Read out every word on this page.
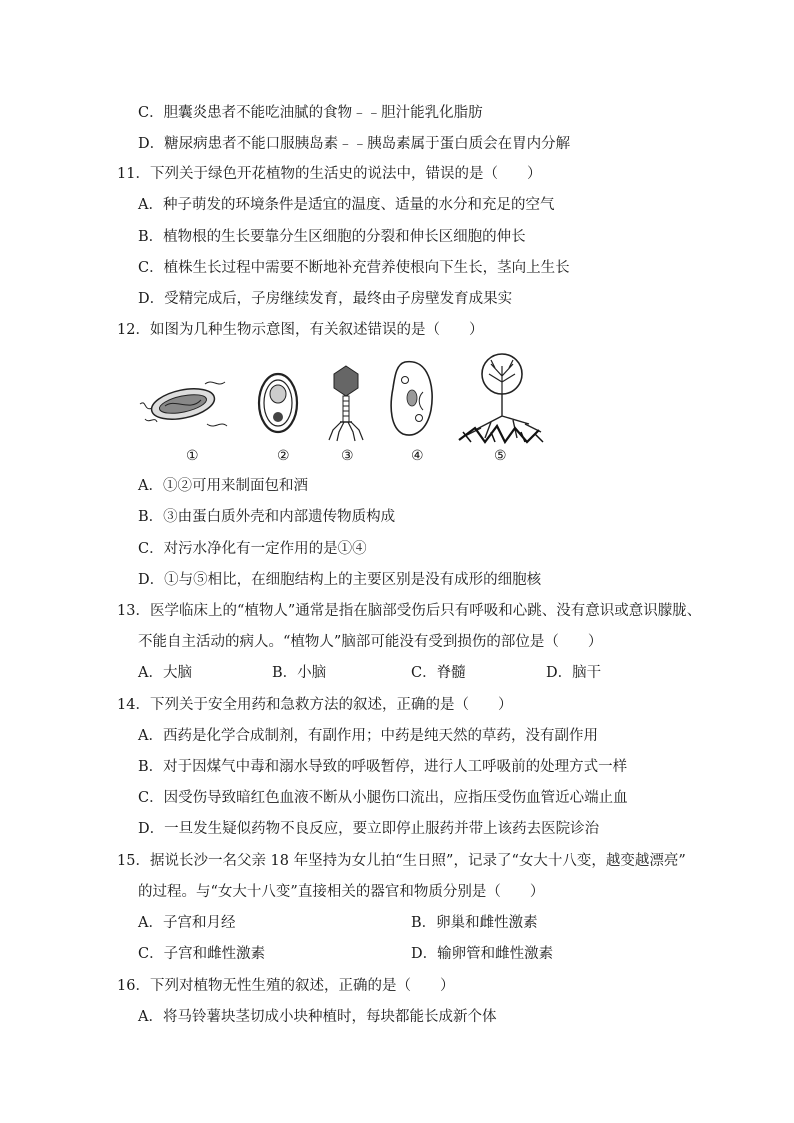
C．胆囊炎患者不能吃油腻的食物﹣﹣胆汁能乳化脂肪
D．糖尿病患者不能口服胰岛素﹣﹣胰岛素属于蛋白质会在胃内分解
11．下列关于绿色开花植物的生活史的说法中，错误的是（　　）
A．种子萌发的环境条件是适宜的温度、适量的水分和充足的空气
B．植物根的生长要靠分生区细胞的分裂和伸长区细胞的伸长
C．植株生长过程中需要不断地补充营养使根向下生长，茎向上生长
D．受精完成后，子房继续发育，最终由子房壁发育成果实
12．如图为几种生物示意图，有关叙述错误的是（　　）
①	②	③	④	⑤
A．①②可用来制面包和酒
B．③由蛋白质外壳和内部遗传物质构成
C．对污水净化有一定作用的是①④
D．①与⑤相比，在细胞结构上的主要区别是没有成形的细胞核
13．医学临床上的“植物人”通常是指在脑部受伤后只有呼吸和心跳、没有意识或意识朦胧、
不能自主活动的病人。“植物人”脑部可能没有受到损伤的部位是（　　）
A．大脑	B．小脑	C．脊髓	D．脑干
14．下列关于安全用药和急救方法的叙述，正确的是（　　）
A．西药是化学合成制剂，有副作用；中药是纯天然的草药，没有副作用
B．对于因煤气中毒和溺水导致的呼吸暂停，进行人工呼吸前的处理方式一样
C．因受伤导致暗红色血液不断从小腿伤口流出，应指压受伤血管近心端止血
D．一旦发生疑似药物不良反应，要立即停止服药并带上该药去医院诊治
15．据说长沙一名父亲 18 年坚持为女儿拍“生日照”，记录了“女大十八变，越变越漂亮”
的过程。与“女大十八变”直接相关的器官和物质分别是（　　）
A．子宫和月经	B．卵巢和雌性激素
C．子宫和雌性激素	D．输卵管和雌性激素
16．下列对植物无性生殖的叙述，正确的是（　　）
A．将马铃薯块茎切成小块种植时，每块都能长成新个体
